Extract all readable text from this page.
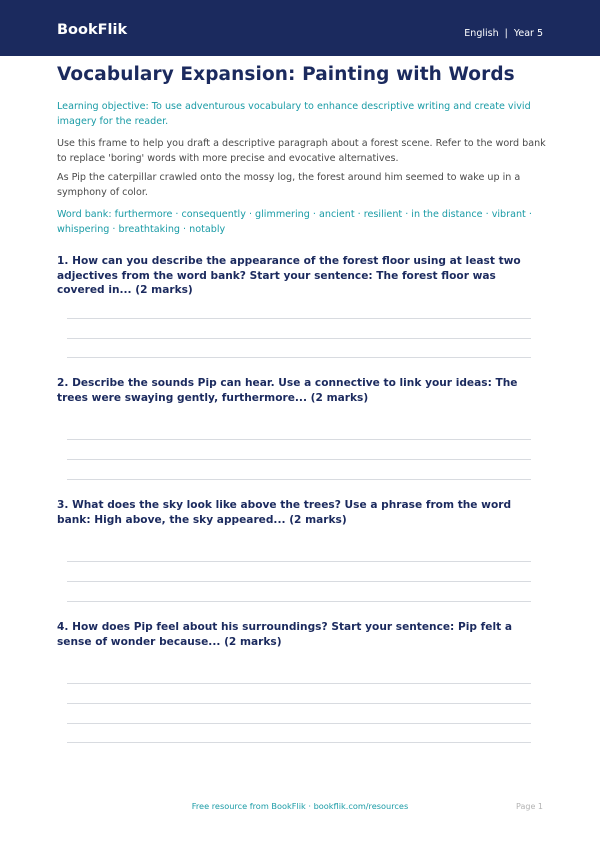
BookFlik	English | Year 5
Vocabulary Expansion: Painting with Words

Learning objective: To use adventurous vocabulary to enhance descriptive writing and create vivid imagery for the reader.

Use this frame to help you draft a descriptive paragraph about a forest scene. Refer to the word bank to replace 'boring' words with more precise and evocative alternatives.

As Pip the caterpillar crawled onto the mossy log, the forest around him seemed to wake up in a symphony of color.

Word bank: furthermore · consequently · glimmering · ancient · resilient · in the distance · vibrant · whispering · breathtaking · notably

1. How can you describe the appearance of the forest floor using at least two adjectives from the word bank? Start your sentence: The forest floor was covered in... (2 marks)

2. Describe the sounds Pip can hear. Use a connective to link your ideas: The trees were swaying gently, furthermore... (2 marks)

3. What does the sky look like above the trees? Use a phrase from the word bank: High above, the sky appeared... (2 marks)

4. How does Pip feel about his surroundings? Start your sentence: Pip felt a sense of wonder because... (2 marks)

Free resource from BookFlik · bookflik.com/resources	Page 1
